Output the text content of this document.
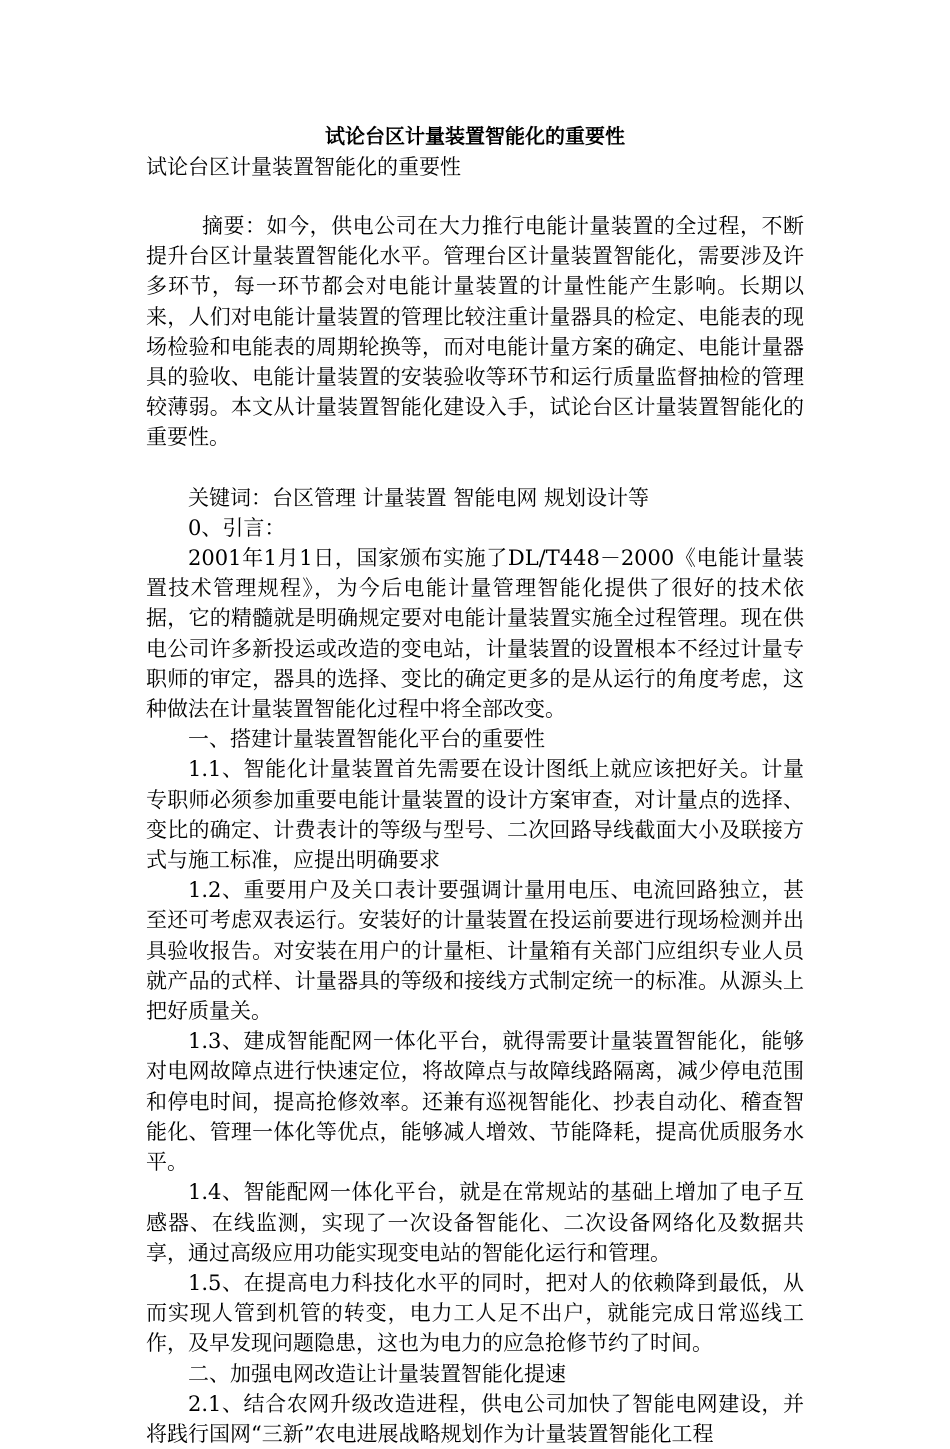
试论台区计量装置智能化的重要性

试论台区计量装置智能化的重要性

摘要：如今，供电公司在大力推行电能计量装置的全过程，不断提升台区计量装置智能化水平。管理台区计量装置智能化，需要涉及许多环节，每一环节都会对电能计量装置的计量性能产生影响。长期以来，人们对电能计量装置的管理比较注重计量器具的检定、电能表的现场检验和电能表的周期轮换等，而对电能计量方案的确定、电能计量器具的验收、电能计量装置的安装验收等环节和运行质量监督抽检的管理较薄弱。本文从计量装置智能化建设入手，试论台区计量装置智能化的重要性。

关键词：台区管理 计量装置 智能电网 规划设计等

0、引言：

2001年1月1日，国家颁布实施了DL/T448－2000《电能计量装置技术管理规程》，为今后电能计量管理智能化提供了很好的技术依据，它的精髓就是明确规定要对电能计量装置实施全过程管理。现在供电公司许多新投运或改造的变电站，计量装置的设置根本不经过计量专职师的审定，器具的选择、变比的确定更多的是从运行的角度考虑，这种做法在计量装置智能化过程中将全部改变。

一、搭建计量装置智能化平台的重要性

1.1、智能化计量装置首先需要在设计图纸上就应该把好关。计量专职师必须参加重要电能计量装置的设计方案审查，对计量点的选择、变比的确定、计费表计的等级与型号、二次回路导线截面大小及联接方式与施工标准，应提出明确要求

1.2、重要用户及关口表计要强调计量用电压、电流回路独立，甚至还可考虑双表运行。安装好的计量装置在投运前要进行现场检测并出具验收报告。对安装在用户的计量柜、计量箱有关部门应组织专业人员就产品的式样、计量器具的等级和接线方式制定统一的标准。从源头上把好质量关。

1.3、建成智能配网一体化平台，就得需要计量装置智能化，能够对电网故障点进行快速定位，将故障点与故障线路隔离，减少停电范围和停电时间，提高抢修效率。还兼有巡视智能化、抄表自动化、稽查智能化、管理一体化等优点，能够减人增效、节能降耗，提高优质服务水平。

1.4、智能配网一体化平台，就是在常规站的基础上增加了电子互感器、在线监测，实现了一次设备智能化、二次设备网络化及数据共享，通过高级应用功能实现变电站的智能化运行和管理。

1.5、在提高电力科技化水平的同时，把对人的依赖降到最低，从而实现人管到机管的转变，电力工人足不出户，就能完成日常巡线工作，及早发现问题隐患，这也为电力的应急抢修节约了时间。

二、加强电网改造让计量装置智能化提速

2.1、结合农网升级改造进程，供电公司加快了智能电网建设，并将践行国网“三新”农电进展战略规划作为计量装置智能化工程
